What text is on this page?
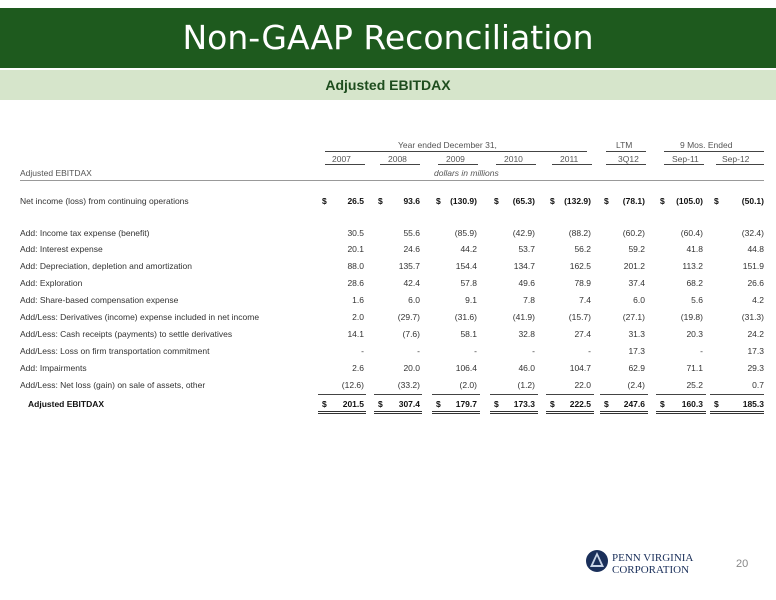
Non-GAAP Reconciliation
Adjusted EBITDAX
Year ended December 31,	LTM	9 Mos. Ended
2007	2008	2009	2010	2011	3Q12	Sep-11	Sep-12
Adjusted EBITDAX	dollars in millions
Net income (loss) from continuing operations	$	26.5 $	93.6 $	(130.9) $	(65.3) $	(132.9) $	(78.1) $	(105.0) $	(50.1)
Add: Income tax expense (benefit)	30.5	55.6	(85.9)	(42.9)	(88.2)	(60.2)	(60.4)	(32.4)
Add: Interest expense	20.1	24.6	44.2	53.7	56.2	59.2	41.8	44.8
Add: Depreciation, depletion and amortization	88.0	135.7	154.4	134.7	162.5	201.2	113.2	151.9
Add: Exploration	28.6	42.4	57.8	49.6	78.9	37.4	68.2	26.6
Add: Share-based compensation expense	1.6	6.0	9.1	7.8	7.4	6.0	5.6	4.2
Add/Less: Derivatives (income) expense included in net income	2.0	(29.7)	(31.6)	(41.9)	(15.7)	(27.1)	(19.8)	(31.3)
Add/Less: Cash receipts (payments) to settle derivatives	14.1	(7.6)	58.1	32.8	27.4	31.3	20.3	24.2
Add/Less: Loss on firm transportation commitment	-	-	-	-	-	17.3	-	17.3
Add: Impairments	2.6	20.0	106.4	46.0	104.7	62.9	71.1	29.3
Add/Less: Net loss (gain) on sale of assets, other	(12.6)	(33.2)	(2.0)	(1.2)	22.0	(2.4)	25.2	0.7
Adjusted EBITDAX	$	201.5 $	307.4 $	179.7 $	173.3 $	222.5 $	247.6 $	160.3 $	185.3
PENN VIRGINIA
CORPORATION	20
